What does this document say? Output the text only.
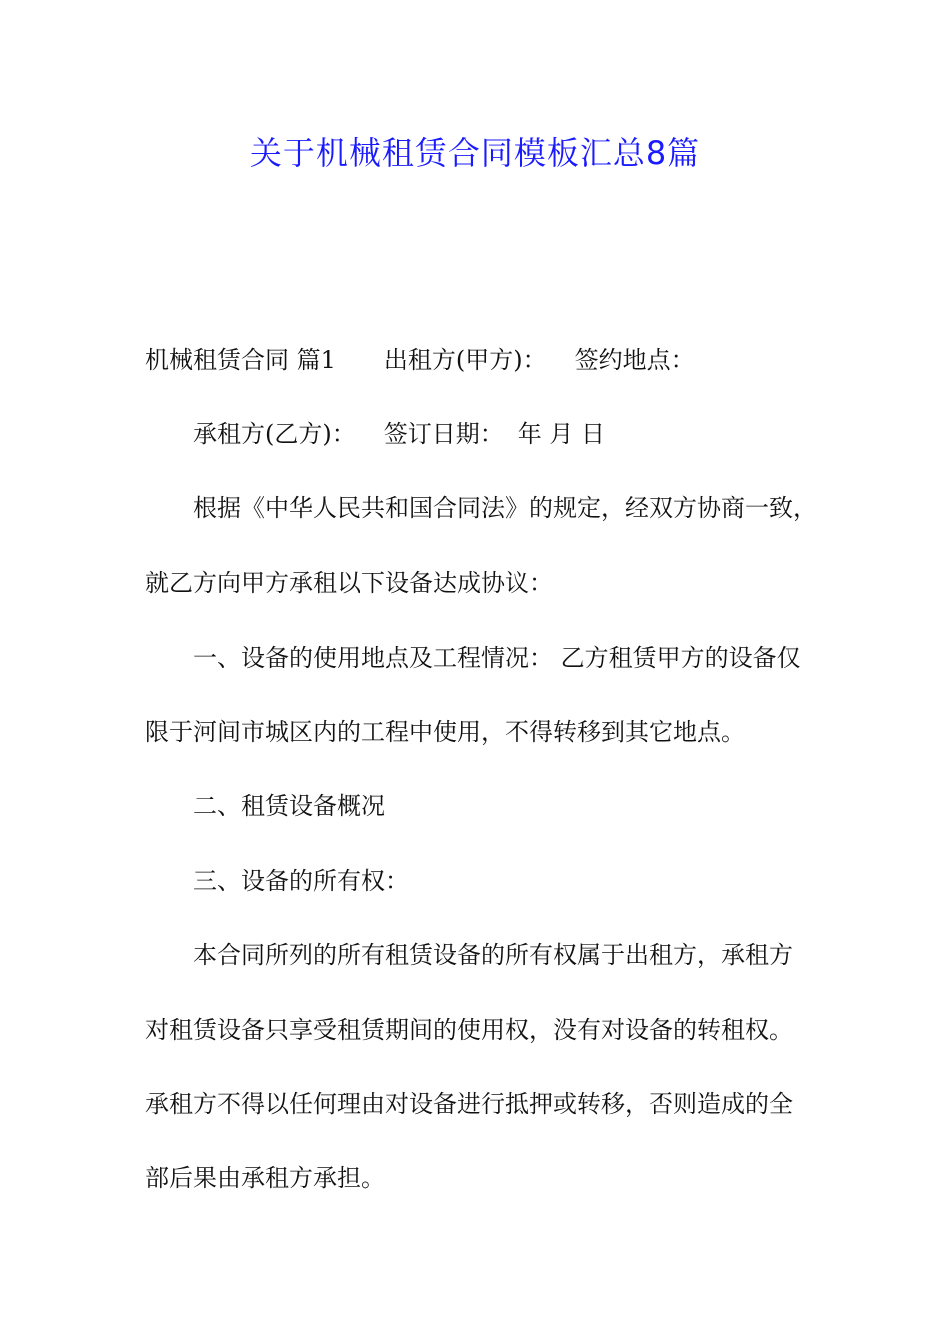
关于机械租赁合同模板汇总8篇
机械租赁合同 篇1 出租方(甲方)： 签约地点：
承租方(乙方)： 签订日期： 年 月 日
根据《中华人民共和国合同法》的规定，经双方协商一致，
就乙方向甲方承租以下设备达成协议：
一、设备的使用地点及工程情况： 乙方租赁甲方的设备仅
限于河间市城区内的工程中使用，不得转移到其它地点。
二、租赁设备概况
三、设备的所有权：
本合同所列的所有租赁设备的所有权属于出租方，承租方
对租赁设备只享受租赁期间的使用权，没有对设备的转租权。
承租方不得以任何理由对设备进行抵押或转移，否则造成的全
部后果由承租方承担。
